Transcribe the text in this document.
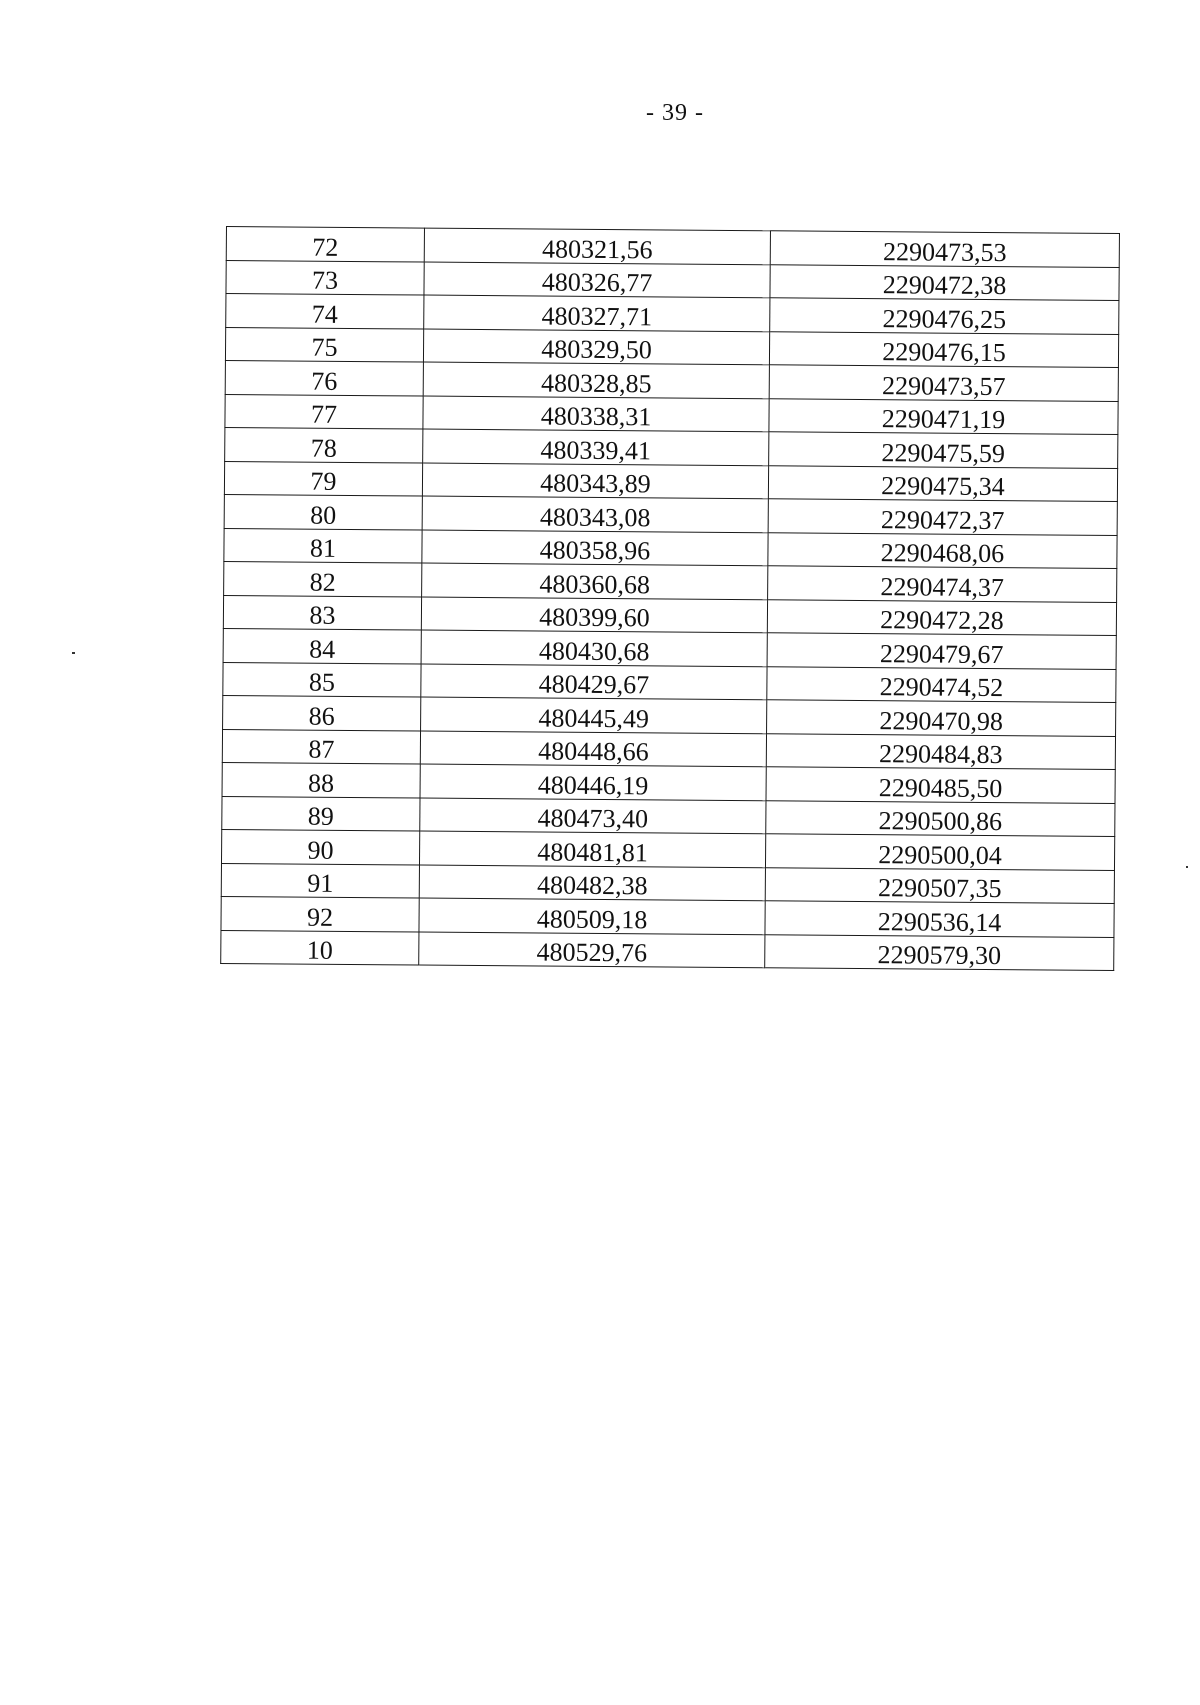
- 39 -
72	480321,56	2290473,53
73	480326,77	2290472,38
74	480327,71	2290476,25
75	480329,50	2290476,15
76	480328,85	2290473,57
77	480338,31	2290471,19
78	480339,41	2290475,59
79	480343,89	2290475,34
80	480343,08	2290472,37
81	480358,96	2290468,06
82	480360,68	2290474,37
83	480399,60	2290472,28
84	480430,68	2290479,67
85	480429,67	2290474,52
86	480445,49	2290470,98
87	480448,66	2290484,83
88	480446,19	2290485,50
89	480473,40	2290500,86
90	480481,81	2290500,04
91	480482,38	2290507,35
92	480509,18	2290536,14
10	480529,76	2290579,30
